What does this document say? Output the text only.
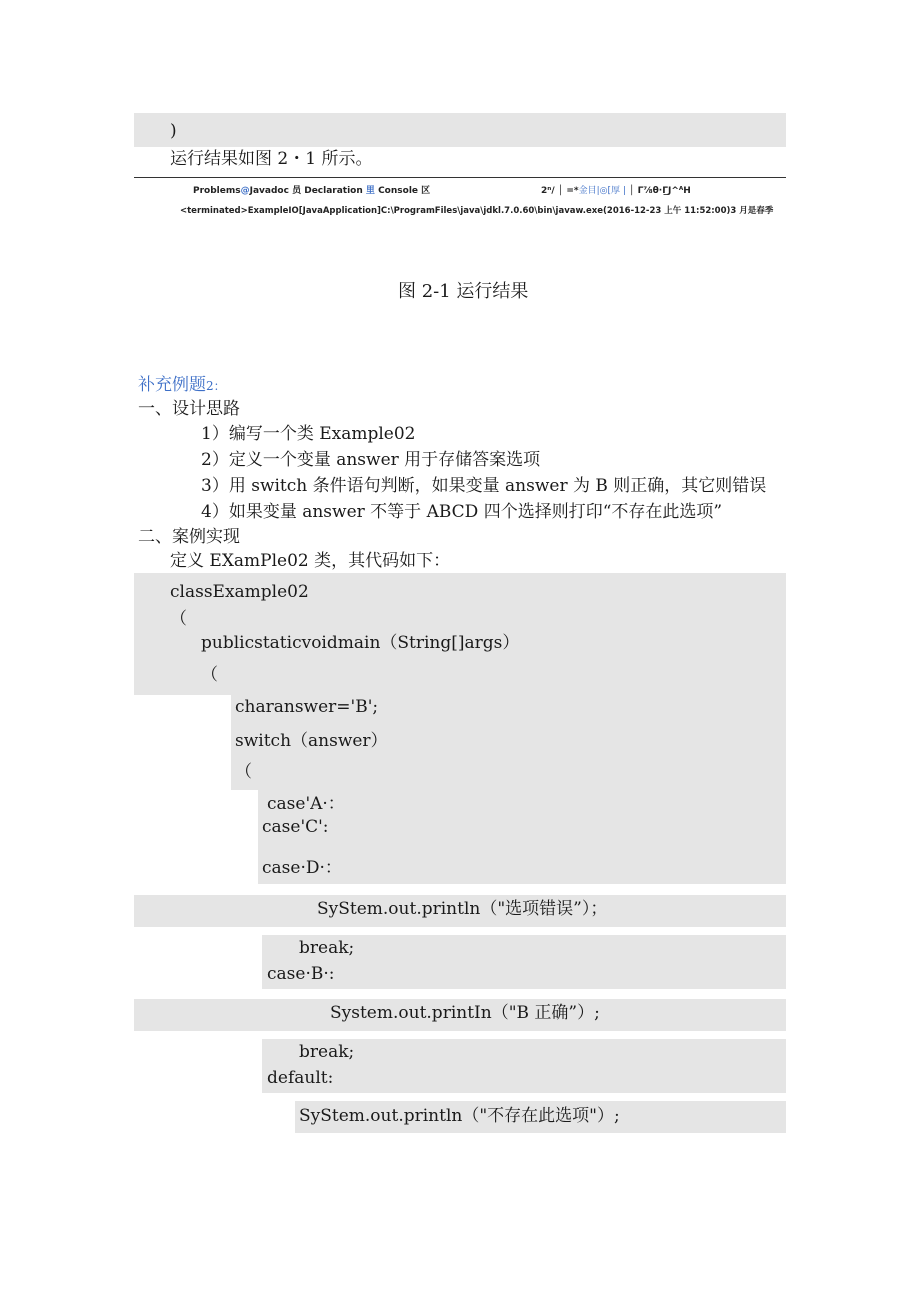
)
运行结果如图 2・1 所示。
Problems@Javadoc 员 Declaration 里 Console 区	2ⁿ/ │ =*金目|◎[厚 | │ Γ⅞θ·Γ̲J^ᴬH
<terminated>ExampleIO[JavaApplication]C:\ProgramFiles\java\jdkl.7.0.60\bin\javaw.exe(2016-12-23 上午 11:52:00)3 月是春季
图 2-1 运行结果
补充例题2：
一、设计思路
1）编写一个类 Example02
2）定义一个变量 answer 用于存储答案选项
3）用 switch 条件语句判断，如果变量 answer 为 B 则正确，其它则错误
4）如果变量 answer 不等于 ABCD 四个选择则打印“不存在此选项”
二、案例实现
定义 EXamPle02 类，其代码如下：
classExample02
（
publicstaticvoidmain（String[]args）
（
charanswer='B';
switch（answer）
（
case'A·：
case'C':
case·D·：
SyStem.out.println（"选项错误”）；
break;
case·B·:
System.out.printIn（"B 正确”）;
break;
default:
SyStem.out.println（"不存在此选项"）;
